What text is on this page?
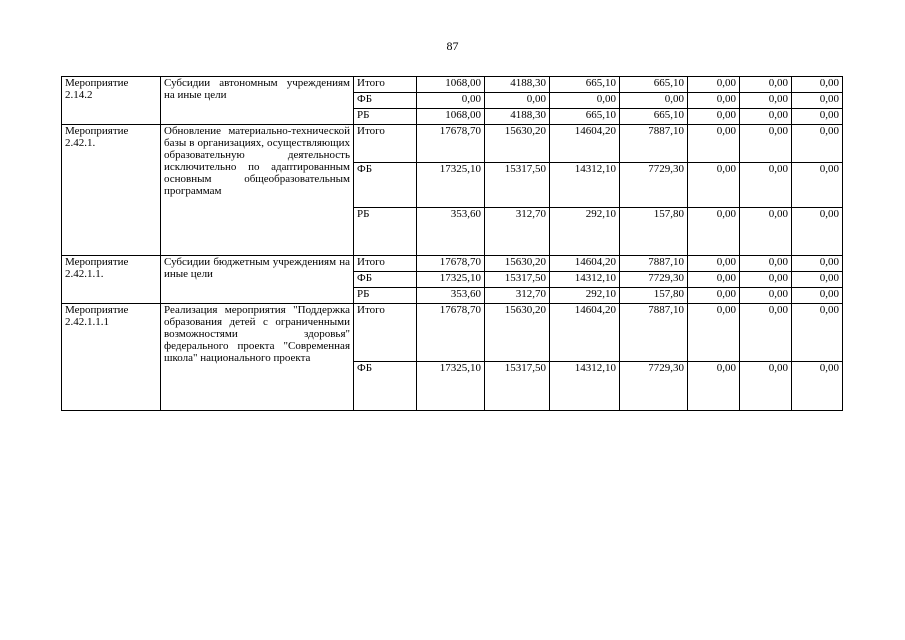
87
Мероприятие 2.14.2	Субсидии автономным учреждениям на иные цели	Итого	1068,00	4188,30	665,10	665,10	0,00	0,00	0,00
		ФБ	0,00	0,00	0,00	0,00	0,00	0,00	0,00
		РБ	1068,00	4188,30	665,10	665,10	0,00	0,00	0,00
Мероприятие 2.42.1.	Обновление материально-технической базы в организациях, осуществляющих образовательную деятельность исключительно по адаптированным основным общеобразовательным программам	Итого	17678,70	15630,20	14604,20	7887,10	0,00	0,00	0,00
		ФБ	17325,10	15317,50	14312,10	7729,30	0,00	0,00	0,00
		РБ	353,60	312,70	292,10	157,80	0,00	0,00	0,00
Мероприятие 2.42.1.1.	Субсидии бюджетным учреждениям на иные цели	Итого	17678,70	15630,20	14604,20	7887,10	0,00	0,00	0,00
		ФБ	17325,10	15317,50	14312,10	7729,30	0,00	0,00	0,00
		РБ	353,60	312,70	292,10	157,80	0,00	0,00	0,00
Мероприятие 2.42.1.1.1	Реализация мероприятия "Поддержка образования детей с ограниченными возможностями здоровья" федерального проекта "Современная школа" национального проекта	Итого	17678,70	15630,20	14604,20	7887,10	0,00	0,00	0,00
		ФБ	17325,10	15317,50	14312,10	7729,30	0,00	0,00	0,00
